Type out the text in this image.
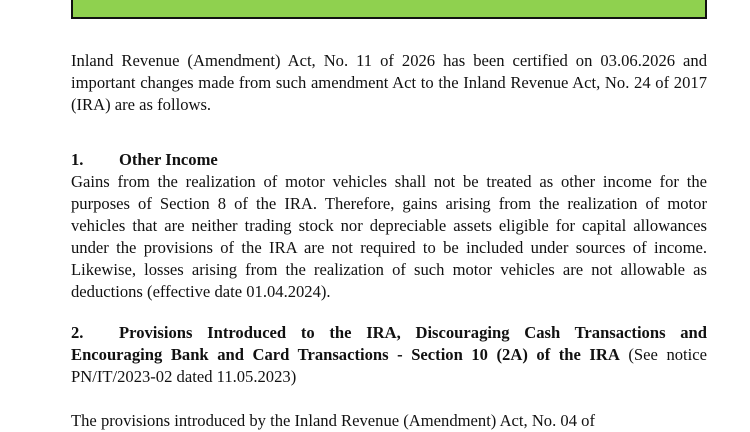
Inland Revenue (Amendment) Act, No. 11 of 2026 has been certified on 03.06.2026 and important changes made from such amendment Act to the Inland Revenue Act, No. 24 of 2017 (IRA) are as follows.

1.	Other Income

Gains from the realization of motor vehicles shall not be treated as other income for the purposes of Section 8 of the IRA. Therefore, gains arising from the realization of motor vehicles that are neither trading stock nor depreciable assets eligible for capital allowances under the provisions of the IRA are not required to be included under sources of income. Likewise, losses arising from the realization of such motor vehicles are not allowable as deductions (effective date 01.04.2024).

2. Provisions Introduced to the IRA, Discouraging Cash Transactions and Encouraging Bank and Card Transactions - Section 10 (2A) of the IRA (See notice PN/IT/2023-02 dated 11.05.2023)

The provisions introduced by the Inland Revenue (Amendment) Act, No. 04 of
